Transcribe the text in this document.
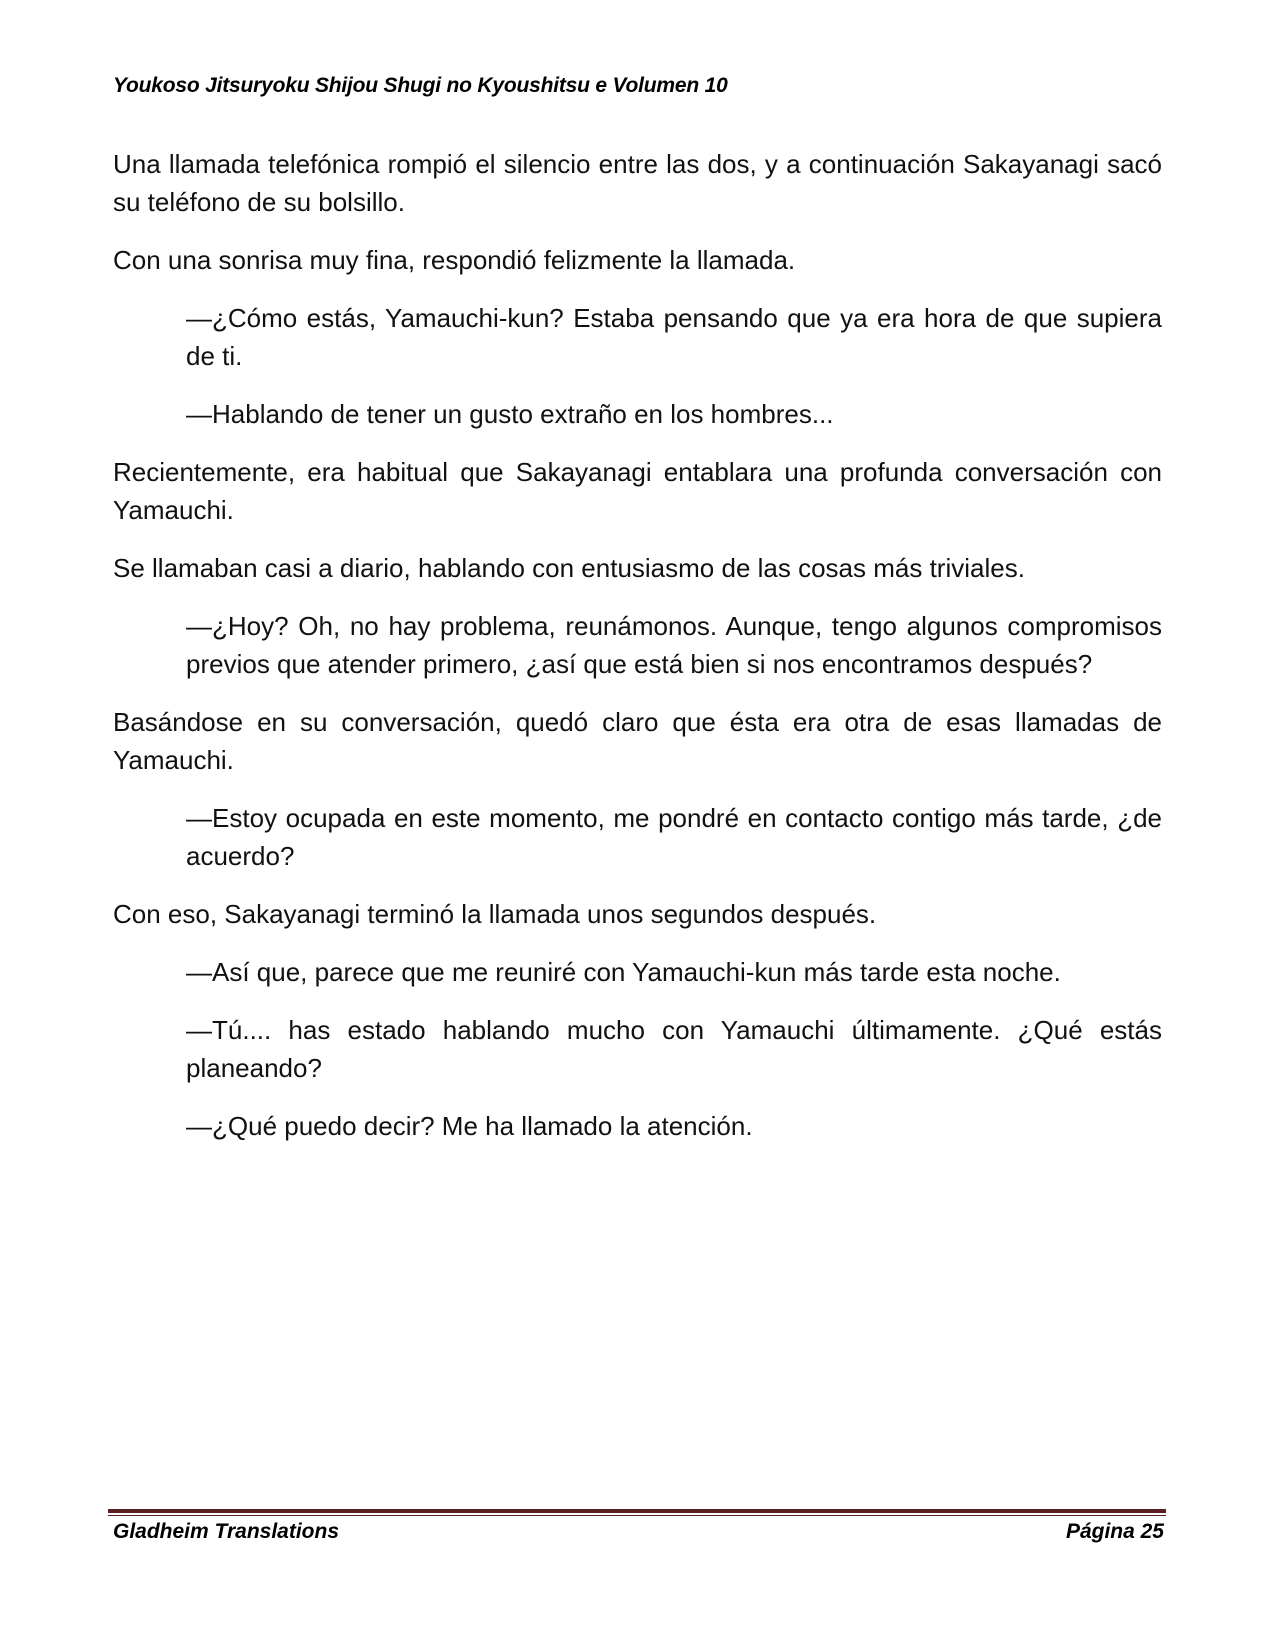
Youkoso Jitsuryoku Shijou Shugi no Kyoushitsu e Volumen 10

Una llamada telefónica rompió el silencio entre las dos, y a continuación Sakayanagi sacó su teléfono de su bolsillo.

Con una sonrisa muy fina, respondió felizmente la llamada.

—¿Cómo estás, Yamauchi-kun? Estaba pensando que ya era hora de que supiera de ti.

—Hablando de tener un gusto extraño en los hombres...

Recientemente, era habitual que Sakayanagi entablara una profunda conversación con Yamauchi.

Se llamaban casi a diario, hablando con entusiasmo de las cosas más triviales.

—¿Hoy? Oh, no hay problema, reunámonos. Aunque, tengo algunos compromisos previos que atender primero, ¿así que está bien si nos encontramos después?

Basándose en su conversación, quedó claro que ésta era otra de esas llamadas de Yamauchi.

—Estoy ocupada en este momento, me pondré en contacto contigo más tarde, ¿de acuerdo?

Con eso, Sakayanagi terminó la llamada unos segundos después.

—Así que, parece que me reuniré con Yamauchi-kun más tarde esta noche.

—Tú.... has estado hablando mucho con Yamauchi últimamente. ¿Qué estás planeando?

—¿Qué puedo decir? Me ha llamado la atención.

Gladheim Translations	Página 25
